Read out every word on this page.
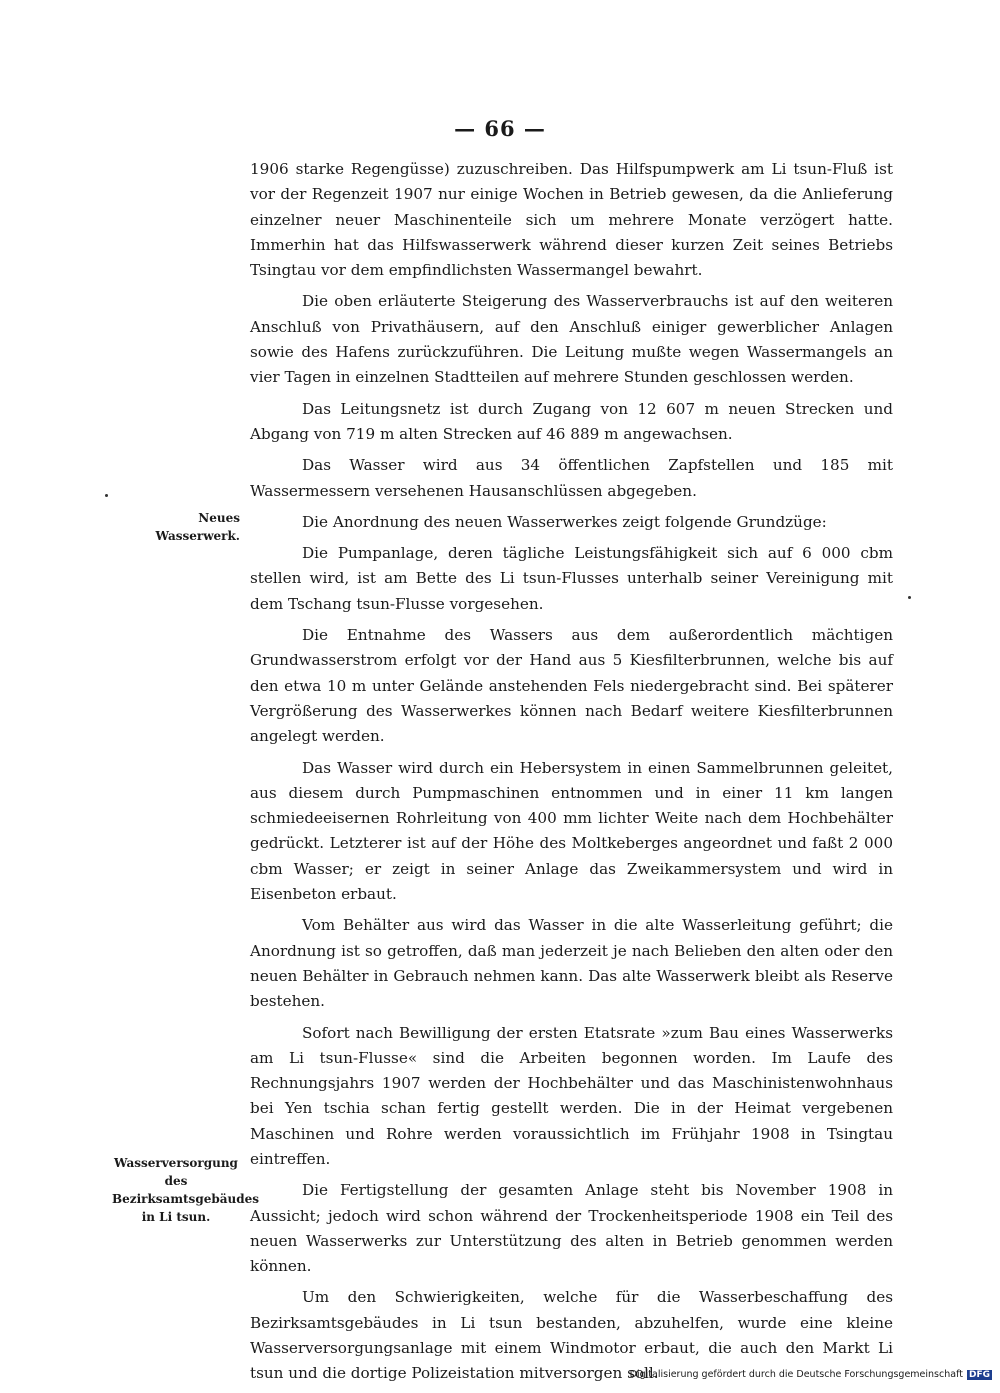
— 66 —

1906 starke Regengüsse) zuzuschreiben. Das Hilfspumpwerk am Li tsun-Fluß ist vor der Regenzeit 1907 nur einige Wochen in Betrieb gewesen, da die Anlieferung einzelner neuer Maschinenteile sich um mehrere Monate verzögert hatte. Immerhin hat das Hilfswasserwerk während dieser kurzen Zeit seines Betriebs Tsingtau vor dem empfindlichsten Wassermangel bewahrt.

Die oben erläuterte Steigerung des Wasserverbrauchs ist auf den weiteren Anschluß von Privathäusern, auf den Anschluß einiger gewerblicher Anlagen sowie des Hafens zurückzuführen. Die Leitung mußte wegen Wassermangels an vier Tagen in einzelnen Stadtteilen auf mehrere Stunden geschlossen werden.

Das Leitungsnetz ist durch Zugang von 12 607 m neuen Strecken und Abgang von 719 m alten Strecken auf 46 889 m angewachsen.

Das Wasser wird aus 34 öffentlichen Zapfstellen und 185 mit Wassermessern versehenen Hausanschlüssen abgegeben.

Die Anordnung des neuen Wasserwerkes zeigt folgende Grundzüge:

Die Pumpanlage, deren tägliche Leistungsfähigkeit sich auf 6 000 cbm stellen wird, ist am Bette des Li tsun-Flusses unterhalb seiner Vereinigung mit dem Tschang tsun-Flusse vorgesehen.

Die Entnahme des Wassers aus dem außerordentlich mächtigen Grundwasserstrom erfolgt vor der Hand aus 5 Kiesfilterbrunnen, welche bis auf den etwa 10 m unter Gelände anstehenden Fels niedergebracht sind. Bei späterer Vergrößerung des Wasserwerkes können nach Bedarf weitere Kiesfilterbrunnen angelegt werden.

Das Wasser wird durch ein Hebersystem in einen Sammelbrunnen geleitet, aus diesem durch Pumpmaschinen entnommen und in einer 11 km langen schmiedeeisernen Rohrleitung von 400 mm lichter Weite nach dem Hochbehälter gedrückt. Letzterer ist auf der Höhe des Moltkeberges angeordnet und faßt 2 000 cbm Wasser; er zeigt in seiner Anlage das Zweikammersystem und wird in Eisenbeton erbaut.

Vom Behälter aus wird das Wasser in die alte Wasserleitung geführt; die Anordnung ist so getroffen, daß man jederzeit je nach Belieben den alten oder den neuen Behälter in Gebrauch nehmen kann. Das alte Wasserwerk bleibt als Reserve bestehen.

Sofort nach Bewilligung der ersten Etatsrate »zum Bau eines Wasserwerks am Li tsun-Flusse« sind die Arbeiten begonnen worden. Im Laufe des Rechnungsjahrs 1907 werden der Hochbehälter und das Maschinistenwohnhaus bei Yen tschia schan fertig gestellt werden. Die in der Heimat vergebenen Maschinen und Rohre werden voraussichtlich im Frühjahr 1908 in Tsingtau eintreffen.

Die Fertigstellung der gesamten Anlage steht bis November 1908 in Aussicht; jedoch wird schon während der Trockenheitsperiode 1908 ein Teil des neuen Wasserwerks zur Unterstützung des alten in Betrieb genommen werden können.

Um den Schwierigkeiten, welche für die Wasserbeschaffung des Bezirksamtsgebäudes in Li tsun bestanden, abzuhelfen, wurde eine kleine Wasserversorgungsanlage mit einem Windmotor erbaut, die auch den Markt Li tsun und die dortige Polizeistation mitversorgen soll.

Neues Wasserwerk.
Wasserversorgung des
Bezirksamtsgebäudes
in Li tsun.
Digitalisierung gefördert durch die Deutsche Forschungsgemeinschaft DFG
